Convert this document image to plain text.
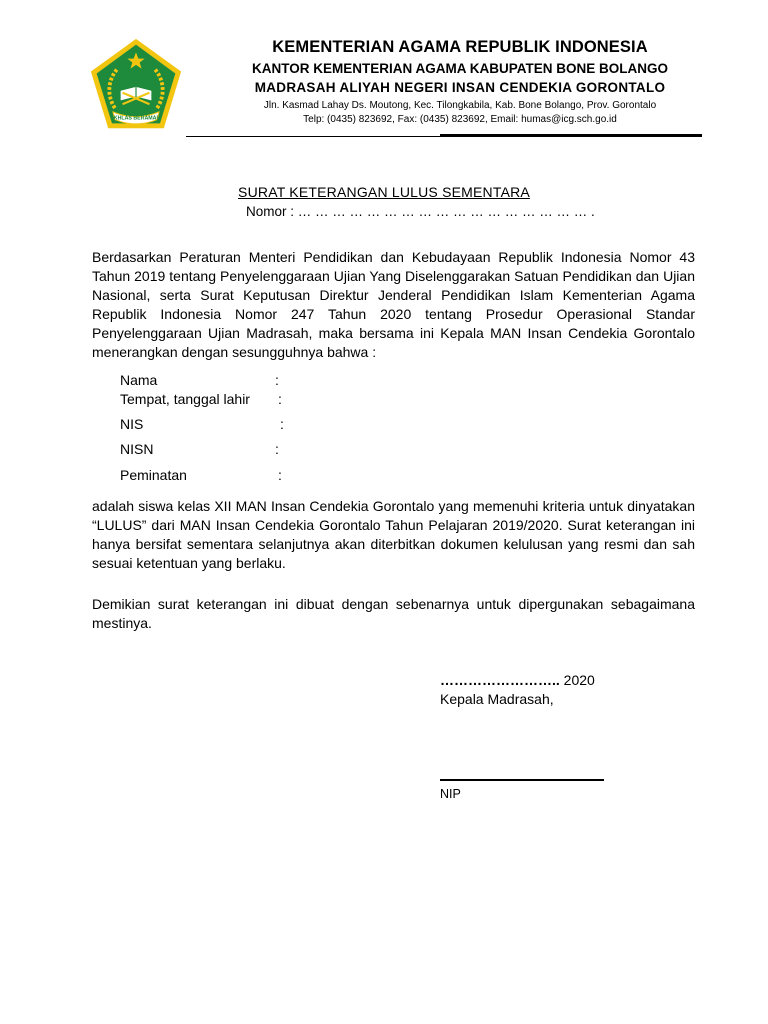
IKHLAS BERAMAL
KEMENTERIAN AGAMA REPUBLIK INDONESIA
KANTOR KEMENTERIAN AGAMA KABUPATEN BONE BOLANGO
MADRASAH ALIYAH NEGERI INSAN CENDEKIA GORONTALO
Jln. Kasmad Lahay Ds. Moutong, Kec. Tilongkabila, Kab. Bone Bolango, Prov. Gorontalo
Telp: (0435) 823692, Fax: (0435) 823692, Email: humas@icg.sch.go.id
SURAT KETERANGAN LULUS SEMENTARA
Nomor : … … … … … … … … … … … … … … … … … .
Berdasarkan Peraturan Menteri Pendidikan dan Kebudayaan Republik Indonesia Nomor 43 Tahun 2019 tentang Penyelenggaraan Ujian Yang Diselenggarakan Satuan Pendidikan dan Ujian Nasional, serta Surat Keputusan Direktur Jenderal Pendidikan Islam Kementerian Agama Republik Indonesia Nomor 247 Tahun 2020 tentang Prosedur Operasional Standar Penyelenggaraan Ujian Madrasah, maka bersama ini Kepala MAN Insan Cendekia Gorontalo menerangkan dengan sesungguhnya bahwa :
Nama	:
Tempat, tanggal lahir :
NIS	:
NISN	:
Peminatan	:
adalah siswa kelas XII MAN Insan Cendekia Gorontalo yang memenuhi kriteria untuk dinyatakan “LULUS” dari MAN Insan Cendekia Gorontalo Tahun Pelajaran 2019/2020. Surat keterangan ini hanya bersifat sementara selanjutnya akan diterbitkan dokumen kelulusan yang resmi dan sah sesuai ketentuan yang berlaku.
Demikian surat keterangan ini dibuat dengan sebenarnya untuk dipergunakan sebagaimana mestinya.
…………………….. 2020
Kepala Madrasah,
NIP
